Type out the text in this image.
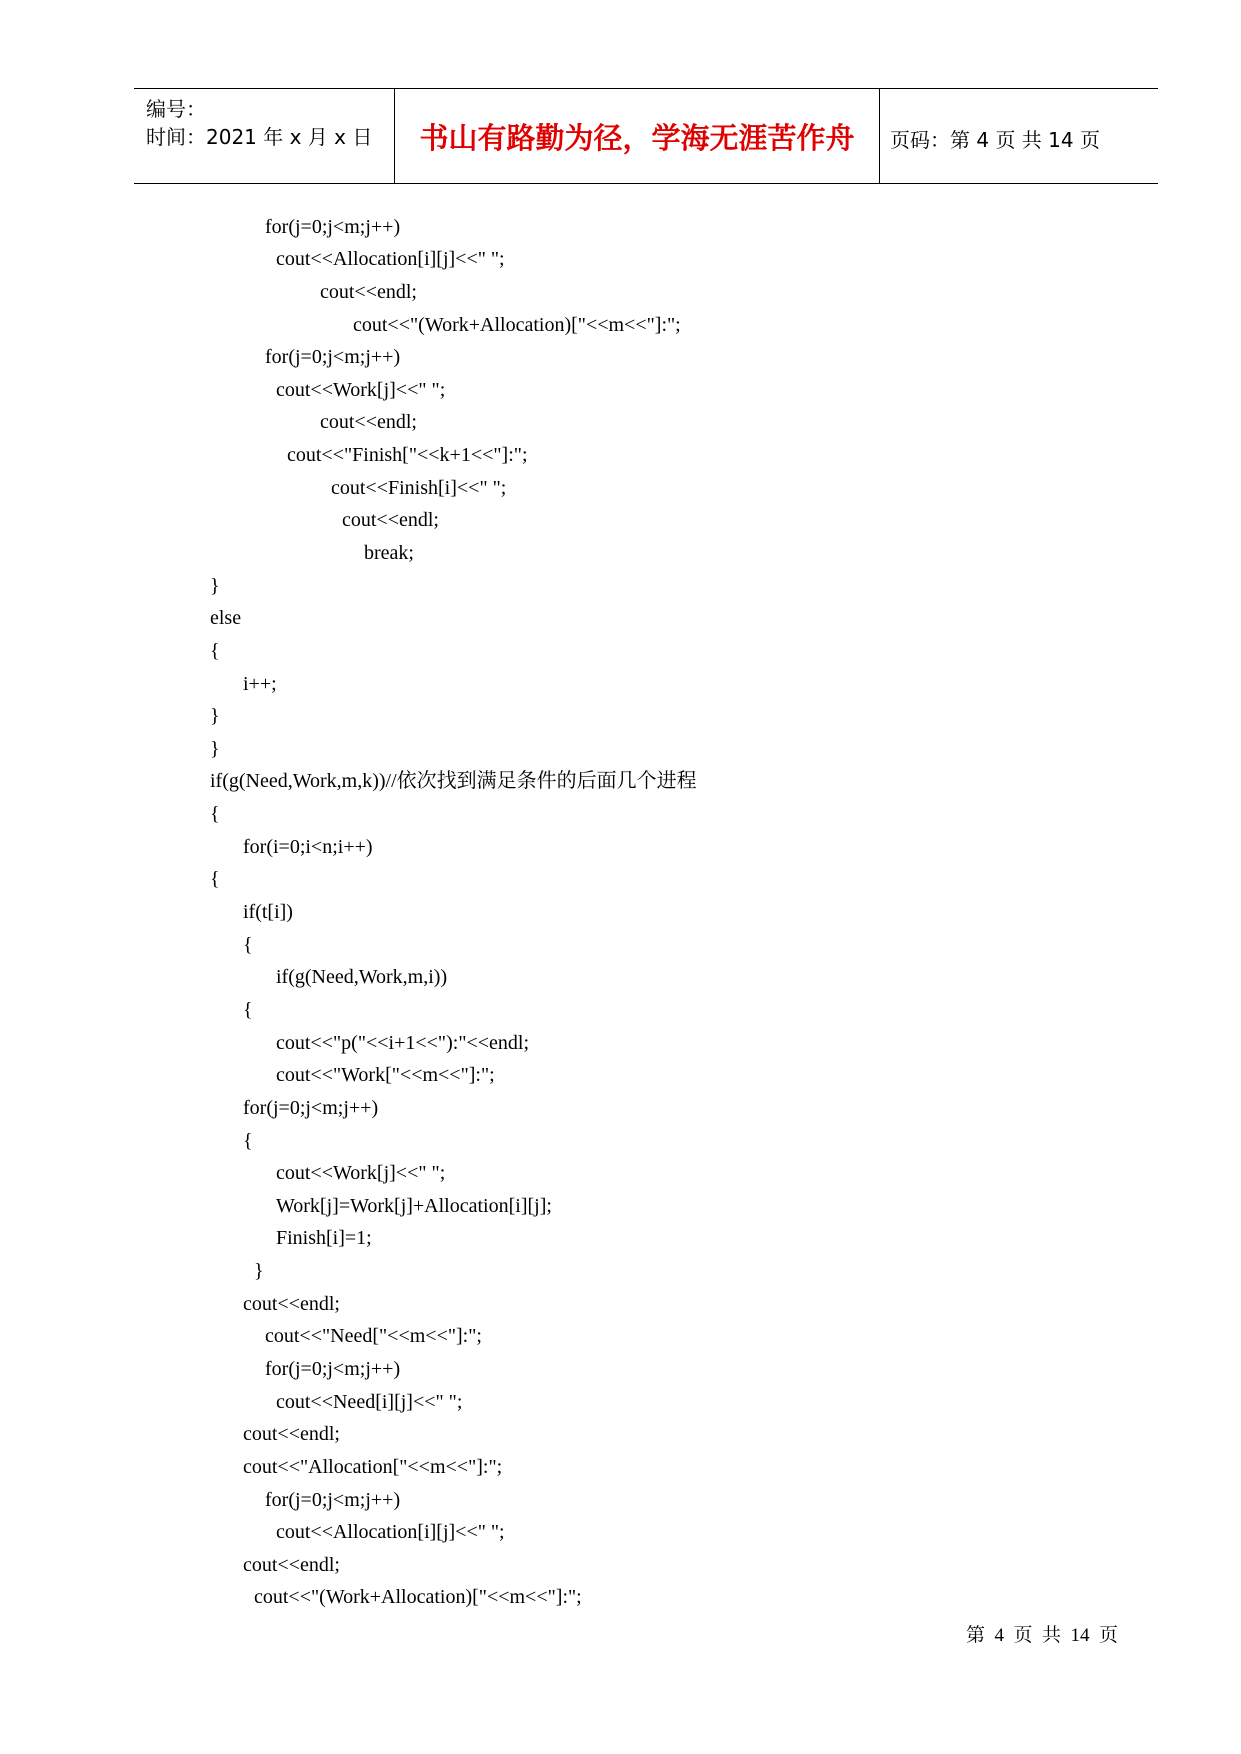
编号：
时间：2021 年 x 月 x 日	书山有路勤为径，学海无涯苦作舟	页码：第 4 页 共 14 页
for(j=0;j<m;j++)
cout<<Allocation[i][j]<<" ";
cout<<endl;
cout<<"(Work+Allocation)["<<m<<"]:";
for(j=0;j<m;j++)
cout<<Work[j]<<" ";
cout<<endl;
cout<<"Finish["<<k+1<<"]:";
cout<<Finish[i]<<" ";
cout<<endl;
break;
}
else
{
i++;
}
}
if(g(Need,Work,m,k))//依次找到满足条件的后面几个进程
{
for(i=0;i<n;i++)
{
if(t[i])
{
if(g(Need,Work,m,i))
{
cout<<"p("<<i+1<<"):"<<endl;
cout<<"Work["<<m<<"]:";
for(j=0;j<m;j++)
{
cout<<Work[j]<<" ";
Work[j]=Work[j]+Allocation[i][j];
Finish[i]=1;
}
cout<<endl;
cout<<"Need["<<m<<"]:";
for(j=0;j<m;j++)
cout<<Need[i][j]<<" ";
cout<<endl;
cout<<"Allocation["<<m<<"]:";
for(j=0;j<m;j++)
cout<<Allocation[i][j]<<" ";
cout<<endl;
cout<<"(Work+Allocation)["<<m<<"]:";
第  4  页  共  14  页
